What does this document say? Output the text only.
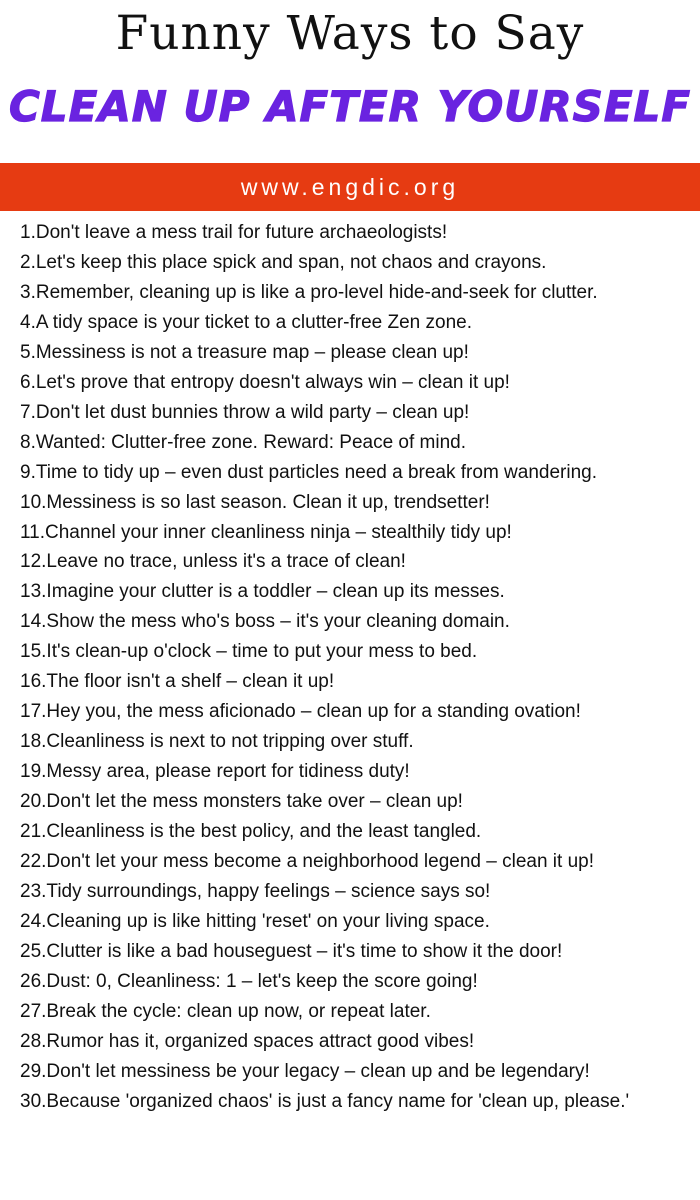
Funny Ways to Say
CLEAN UP AFTER YOURSELF
www.engdic.org
1.Don't leave a mess trail for future archaeologists!
2.Let's keep this place spick and span, not chaos and crayons.
3.Remember, cleaning up is like a pro-level hide-and-seek for clutter.
4.A tidy space is your ticket to a clutter-free Zen zone.
5.Messiness is not a treasure map – please clean up!
6.Let's prove that entropy doesn't always win – clean it up!
7.Don't let dust bunnies throw a wild party – clean up!
8.Wanted: Clutter-free zone. Reward: Peace of mind.
9.Time to tidy up – even dust particles need a break from wandering.
10.Messiness is so last season. Clean it up, trendsetter!
11.Channel your inner cleanliness ninja – stealthily tidy up!
12.Leave no trace, unless it's a trace of clean!
13.Imagine your clutter is a toddler – clean up its messes.
14.Show the mess who's boss – it's your cleaning domain.
15.It's clean-up o'clock – time to put your mess to bed.
16.The floor isn't a shelf – clean it up!
17.Hey you, the mess aficionado – clean up for a standing ovation!
18.Cleanliness is next to not tripping over stuff.
19.Messy area, please report for tidiness duty!
20.Don't let the mess monsters take over – clean up!
21.Cleanliness is the best policy, and the least tangled.
22.Don't let your mess become a neighborhood legend – clean it up!
23.Tidy surroundings, happy feelings – science says so!
24.Cleaning up is like hitting 'reset' on your living space.
25.Clutter is like a bad houseguest – it's time to show it the door!
26.Dust: 0, Cleanliness: 1 – let's keep the score going!
27.Break the cycle: clean up now, or repeat later.
28.Rumor has it, organized spaces attract good vibes!
29.Don't let messiness be your legacy – clean up and be legendary!
30.Because 'organized chaos' is just a fancy name for 'clean up, please.'
